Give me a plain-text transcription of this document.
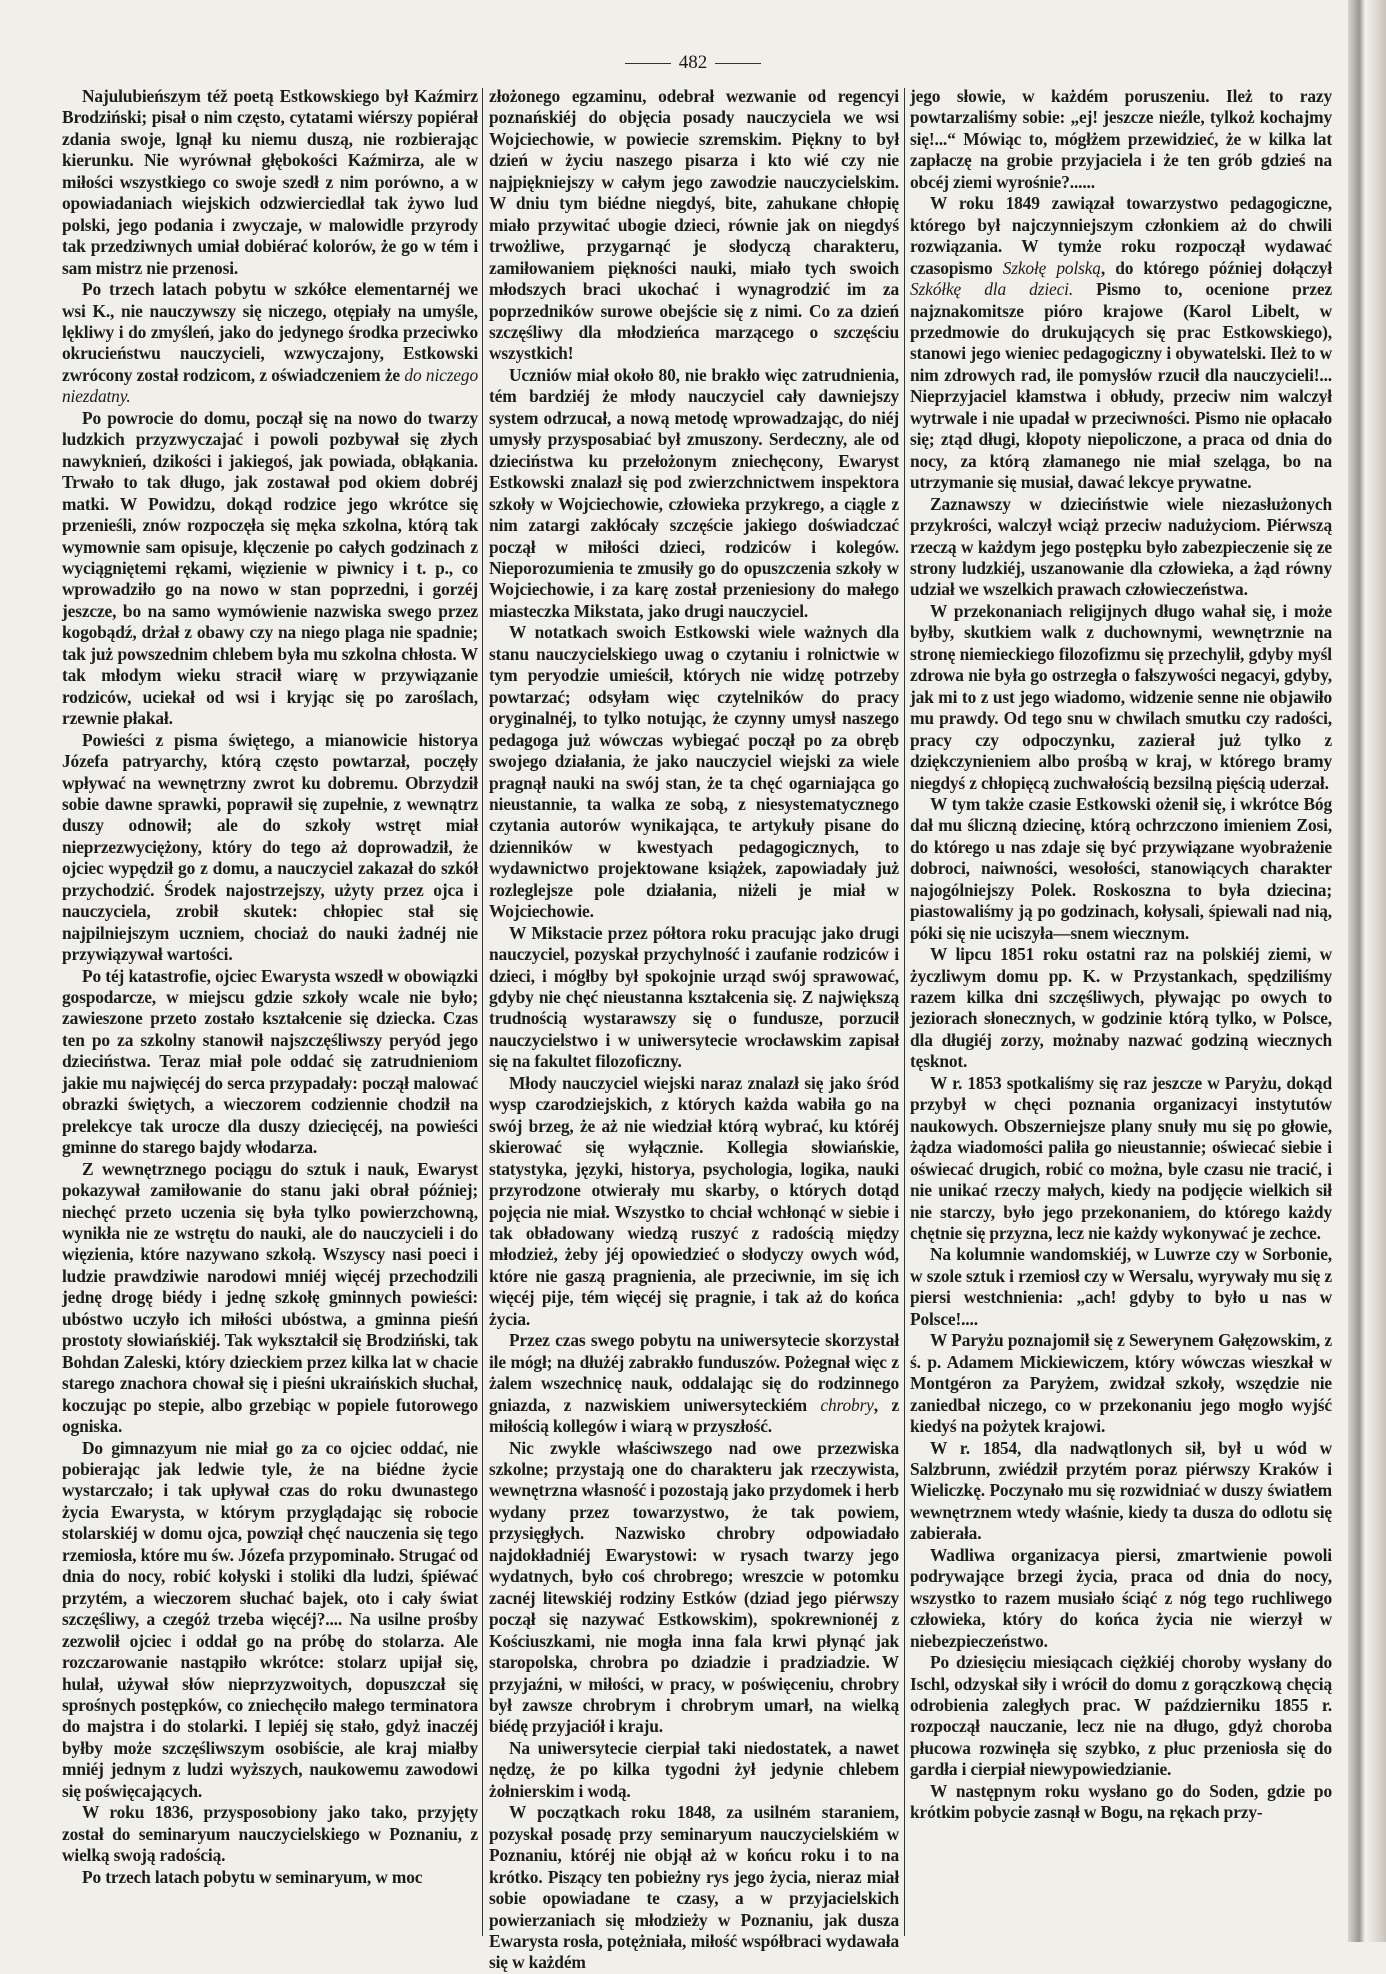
482

Najulubieńszym též poetą Estkowskiego był Kaźmirz Brodziński; pisał o nim często, cytatami wiérszy popiérał zdania swoje, lgnął ku niemu duszą, nie rozbierając kierunku. Nie wyrównał głębokości Kaźmirza, ale w miłości wszystkiego co swoje szedł z nim porówno, a w opowiadaniach wiejskich odzwierciedlał tak żywo lud polski, jego podania i zwyczaje, w malowidle przyrody tak przedziwnych umiał dobiérać kolorów, że go w tém i sam mistrz nie przenosi.

Po trzech latach pobytu w szkółce elementarnéj we wsi K., nie nauczywszy się niczego, otępiały na umyśle, lękliwy i do zmyśleń, jako do jedynego środka przeciwko okrucieństwu nauczycieli, wzwyczajony, Estkowski zwrócony został rodzicom, z oświadczeniem że do niczego niezdatny.

Po powrocie do domu, począł się na nowo do twarzy ludzkich przyzwyczajać i powoli pozbywał się złych nawyknień, dzikości i jakiegoś, jak powiada, obłąkania. Trwało to tak długo, jak zostawał pod okiem dobréj matki. W Powidzu, dokąd rodzice jego wkrótce się przenieśli, znów rozpoczęła się męka szkolna, którą tak wymownie sam opisuje, klęczenie po całych godzinach z wyciągniętemi rękami, więzienie w piwnicy i t. p., co wprowadziło go na nowo w stan poprzedni, i gorzéj jeszcze, bo na samo wymówienie nazwiska swego przez kogobądź, drżał z obawy czy na niego plaga nie spadnie; tak już powszednim chlebem była mu szkolna chłosta. W tak młodym wieku stracił wiarę w przywiązanie rodziców, uciekał od wsi i kryjąc się po zaroślach, rzewnie płakał.

Powieści z pisma świętego, a mianowicie historya Józefa patryarchy, którą często powtarzał, poczęły wpływać na wewnętrzny zwrot ku dobremu. Obrzydził sobie dawne sprawki, poprawił się zupełnie, z wewnątrz duszy odnowił; ale do szkoły wstręt miał nieprzezwyciężony, który do tego aż doprowadził, że ojciec wypędził go z domu, a nauczyciel zakazał do szkół przychodzić. Środek najostrzejszy, użyty przez ojca i nauczyciela, zrobił skutek: chłopiec stał się najpilniejszym uczniem, chociaż do nauki żadnéj nie przywiązywał wartości.

Po téj katastrofie, ojciec Ewarysta wszedł w obowiązki gospodarcze, w miejscu gdzie szkoły wcale nie było; zawieszone przeto zostało kształcenie się dziecka. Czas ten po za szkolny stanowił najszczęśliwszy peryód jego dzieciństwa. Teraz miał pole oddać się zatrudnieniom jakie mu najwięcéj do serca przypadały: począł malować obrazki świętych, a wieczorem codziennie chodził na prelekcye tak urocze dla duszy dziecięcéj, na powieści gminne do starego bajdy włodarza.

Z wewnętrznego pociągu do sztuk i nauk, Ewaryst pokazywał zamiłowanie do stanu jaki obrał później; niechęć przeto uczenia się była tylko powierzchowną, wynikła nie ze wstrętu do nauki, ale do nauczycieli i do więzienia, które nazywano szkołą. Wszyscy nasi poeci i ludzie prawdziwie narodowi mniéj więcéj przechodzili jednę drogę biédy i jednę szkołę gminnych powieści: ubóstwo uczyło ich miłości ubóstwa, a gminna pieśń prostoty słowiańskiéj. Tak wykształcił się Brodziński, tak Bohdan Zaleski, który dzieckiem przez kilka lat w chacie starego znachora chował się i pieśni ukraińskich słuchał, koczując po stepie, albo grzebiąc w popiele futorowego ogniska.

Do gimnazyum nie miał go za co ojciec oddać, nie pobierając jak ledwie tyle, że na biédne życie wystarczało; i tak upływał czas do roku dwunastego życia Ewarysta, w którym przyglądając się robocie stolarskiéj w domu ojca, powziął chęć nauczenia się tego rzemiosła, które mu św. Józefa przypominało. Strugać od dnia do nocy, robić kołyski i stoliki dla ludzi, śpiéwać przytém, a wieczorem słuchać bajek, oto i cały świat szczęśliwy, a czegóż trzeba więcéj?.... Na usilne prośby zezwolił ojciec i oddał go na próbę do stolarza. Ale rozczarowanie nastąpiło wkrótce: stolarz upijał się, hulał, używał słów nieprzyzwoitych, dopuszczał się sprośnych postępków, co zniechęciło małego terminatora do majstra i do stolarki. I lepiéj się stało, gdyż inaczéj byłby może szczęśliwszym osobiście, ale kraj miałby mniéj jednym z ludzi wyższych, naukowemu zawodowi się poświęcających.

W roku 1836, przysposobiony jako tako, przyjęty został do seminaryum nauczycielskiego w Poznaniu, z wielką swoją radością.

Po trzech latach pobytu w seminaryum, w moc

złożonego egzaminu, odebrał wezwanie od regencyi poznańskiéj do objęcia posady nauczyciela we wsi Wojciechowie, w powiecie szremskim. Piękny to był dzień w życiu naszego pisarza i kto wié czy nie najpiękniejszy w całym jego zawodzie nauczycielskim. W dniu tym biédne niegdyś, bite, zahukane chłopię miało przywitać ubogie dzieci, równie jak on niegdyś trwożliwe, przygarnąć je słodyczą charakteru, zamiłowaniem piękności nauki, miało tych swoich młodszych braci ukochać i wynagrodzić im za poprzedników surowe obejście się z nimi. Co za dzień szczęśliwy dla młodzieńca marzącego o szczęściu wszystkich!

Uczniów miał około 80, nie brakło więc zatrudnienia, tém bardziéj że młody nauczyciel cały dawniejszy system odrzucał, a nową metodę wprowadzając, do niéj umysły przysposabiać był zmuszony. Serdeczny, ale od dzieciństwa ku przełożonym zniechęcony, Ewaryst Estkowski znalazł się pod zwierzchnictwem inspektora szkoły w Wojciechowie, człowieka przykrego, a ciągle z nim zatargi zakłócały szczęście jakiego doświadczać począł w miłości dzieci, rodziców i kolegów. Nieporozumienia te zmusiły go do opuszczenia szkoły w Wojciechowie, i za karę został przeniesiony do małego miasteczka Mikstata, jako drugi nauczyciel.

W notatkach swoich Estkowski wiele ważnych dla stanu nauczycielskiego uwag o czytaniu i rolnictwie w tym peryodzie umieścił, których nie widzę potrzeby powtarzać; odsyłam więc czytelników do pracy oryginalnéj, to tylko notując, że czynny umysł naszego pedagoga już wówczas wybiegać począł po za obręb swojego działania, że jako nauczyciel wiejski za wiele pragnął nauki na swój stan, że ta chęć ogarniająca go nieustannie, ta walka ze sobą, z niesystematycznego czytania autorów wynikająca, te artykuły pisane do dzienników w kwestyach pedagogicznych, to wydawnictwo projektowane książek, zapowiadały już rozleglejsze pole działania, niżeli je miał w Wojciechowie.

W Mikstacie przez półtora roku pracując jako drugi nauczyciel, pozyskał przychylność i zaufanie rodziców i dzieci, i mógłby był spokojnie urząd swój sprawować, gdyby nie chęć nieustanna kształcenia się. Z największą trudnością wystarawszy się o fundusze, porzucił nauczycielstwo i w uniwersytecie wrocławskim zapisał się na fakultet filozoficzny.

Młody nauczyciel wiejski naraz znalazł się jako śród wysp czarodziejskich, z których każda wabiła go na swój brzeg, że aż nie wiedział którą wybrać, ku któréj skierować się wyłącznie. Kollegia słowiańskie, statystyka, języki, historya, psychologia, logika, nauki przyrodzone otwierały mu skarby, o których dotąd pojęcia nie miał. Wszystko to chciał wchłonąć w siebie i tak obładowany wiedzą ruszyć z radością między młodzież, żeby jéj opowiedzieć o słodyczy owych wód, które nie gaszą pragnienia, ale przeciwnie, im się ich więcéj pije, tém więcéj się pragnie, i tak aż do końca życia.

Przez czas swego pobytu na uniwersytecie skorzystał ile mógł; na dłużéj zabrakło funduszów. Pożegnał więc z żalem wszechnicę nauk, oddalając się do rodzinnego gniazda, z nazwiskiem uniwersyteckiém chrobry, z miłością kollegów i wiarą w przyszłość.

Nic zwykle właściwszego nad owe przezwiska szkolne; przystają one do charakteru jak rzeczywista, wewnętrzna własność i pozostają jako przydomek i herb wydany przez towarzystwo, że tak powiem, przysięgłych. Nazwisko chrobry odpowiadało najdokładniéj Ewarystowi: w rysach twarzy jego wydatnych, było coś chrobrego; wreszcie w potomku zacnéj litewskiéj rodziny Estków (dziad jego piérwszy począł się nazywać Estkowskim), spokrewnionéj z Kościuszkami, nie mogła inna fala krwi płynąć jak staropolska, chrobra po dziadzie i pradziadzie. W przyjaźni, w miłości, w pracy, w poświęceniu, chrobry był zawsze chrobrym i chrobrym umarł, na wielką biédę przyjaciół i kraju.

Na uniwersytecie cierpiał taki niedostatek, a nawet nędzę, że po kilka tygodni żył jedynie chlebem żołnierskim i wodą.

W początkach roku 1848, za usilném staraniem, pozyskał posadę przy seminaryum nauczycielskiém w Poznaniu, któréj nie objął aż w końcu roku i to na krótko. Piszący ten pobieżny rys jego życia, nieraz miał sobie opowiadane te czasy, a w przyjacielskich powierzaniach się młodzieży w Poznaniu, jak dusza Ewarysta rosła, potężniała, miłość współbraci wydawała się w każdém

jego słowie, w każdém poruszeniu. Ileż to razy powtarzaliśmy sobie: „ej! jeszcze nieźle, tylkoż kochajmy się!...“ Mówiąc to, mógłżem przewidzieć, że w kilka lat zapłaczę na grobie przyjaciela i że ten grób gdzieś na obcéj ziemi wyrośnie?......

W roku 1849 zawiązał towarzystwo pedagogiczne, którego był najczynniejszym członkiem aż do chwili rozwiązania. W tymże roku rozpoczął wydawać czasopismo Szkołę polską, do którego później dołączył Szkółkę dla dzieci. Pismo to, ocenione przez najznakomitsze pióro krajowe (Karol Libelt, w przedmowie do drukujących się prac Estkowskiego), stanowi jego wieniec pedagogiczny i obywatelski. Ileż to w nim zdrowych rad, ile pomysłów rzucił dla nauczycieli!... Nieprzyjaciel kłamstwa i obłudy, przeciw nim walczył wytrwale i nie upadał w przeciwności. Pismo nie opłacało się; ztąd długi, kłopoty niepoliczone, a praca od dnia do nocy, za którą złamanego nie miał szeląga, bo na utrzymanie się musiał, dawać lekcye prywatne.

Zaznawszy w dzieciństwie wiele niezasłużonych przykrości, walczył wciąż przeciw nadużyciom. Piérwszą rzeczą w każdym jego postępku było zabezpieczenie się ze strony ludzkiéj, uszanowanie dla człowieka, a żąd równy udział we wszelkich prawach człowieczeństwa.

W przekonaniach religijnych długo wahał się, i może byłby, skutkiem walk z duchownymi, wewnętrznie na stronę niemieckiego filozofizmu się przechylił, gdyby myśl zdrowa nie była go ostrzegła o fałszywości negacyi, gdyby, jak mi to z ust jego wiadomo, widzenie senne nie objawiło mu prawdy. Od tego snu w chwilach smutku czy radości, pracy czy odpoczynku, zazierał już tylko z dziękczynieniem albo prośbą w kraj, w którego bramy niegdyś z chłopięcą zuchwałością bezsilną pięścią uderzał.

W tym także czasie Estkowski ożenił się, i wkrótce Bóg dał mu śliczną dziecinę, którą ochrzczono imieniem Zosi, do którego u nas zdaje się być przywiązane wyobrażenie dobroci, naiwności, wesołości, stanowiących charakter najogólniejszy Polek. Roskoszna to była dziecina; piastowaliśmy ją po godzinach, kołysali, śpiewali nad nią, póki się nie uciszyła—snem wiecznym.

W lipcu 1851 roku ostatni raz na polskiéj ziemi, w życzliwym domu pp. K. w Przystankach, spędziliśmy razem kilka dni szczęśliwych, pływając po owych to jeziorach słonecznych, w godzinie którą tylko, w Polsce, dla długiéj zorzy, możnaby nazwać godziną wiecznych tęsknot.

W r. 1853 spotkaliśmy się raz jeszcze w Paryżu, dokąd przybył w chęci poznania organizacyi instytutów naukowych. Obszerniejsze plany snuły mu się po głowie, żądza wiadomości paliła go nieustannie; oświecać siebie i oświecać drugich, robić co można, byle czasu nie tracić, i nie unikać rzeczy małych, kiedy na podjęcie wielkich sił nie starczy, było jego przekonaniem, do którego każdy chętnie się przyzna, lecz nie każdy wykonywać je zechce.

Na kolumnie wandomskiéj, w Luwrze czy w Sorbonie, w szole sztuk i rzemiosł czy w Wersalu, wyrywały mu się z piersi westchnienia: „ach! gdyby to było u nas w Polsce!....

W Paryżu poznajomił się z Sewerynem Gałęzowskim, z ś. p. Adamem Mickiewiczem, który wówczas wieszkał w Montgéron za Paryżem, zwidzał szkoły, wszędzie nie zaniedbał niczego, co w przekonaniu jego mogło wyjść kiedyś na pożytek krajowi.

W r. 1854, dla nadwątlonych sił, był u wód w Salzbrunn, zwiédził przytém poraz piérwszy Kraków i Wieliczkę. Poczynało mu się rozwidniać w duszy światłem wewnętrznem wtedy właśnie, kiedy ta dusza do odlotu się zabierała.

Wadliwa organizacya piersi, zmartwienie powoli podrywające brzegi życia, praca od dnia do nocy, wszystko to razem musiało ściąć z nóg tego ruchliwego człowieka, który do końca życia nie wierzył w niebezpieczeństwo.

Po dziesięciu miesiącach ciężkiéj choroby wysłany do Ischl, odzyskał siły i wrócił do domu z gorączkową chęcią odrobienia zaległych prac. W październiku 1855 r. rozpoczął nauczanie, lecz nie na długo, gdyż choroba płucowa rozwinęła się szybko, z płuc przeniosła się do gardła i cierpiał niewypowiedzianie.

W następnym roku wysłano go do Soden, gdzie po krótkim pobycie zasnął w Bogu, na rękach przy-
